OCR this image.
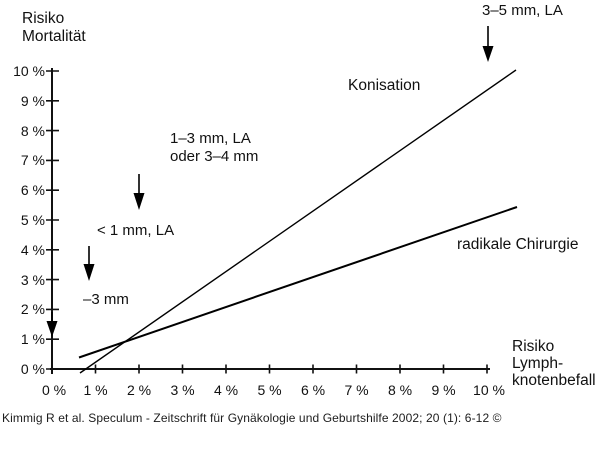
Risiko
Mortalität
10 %
9 %
8 %
7 %
6 %
5 %
4 %
3 %
2 %
1 %
0 %
0 % 1 % 2 % 3 % 4 % 5 % 6 % 7 % 8 % 9 % 10 %
Risiko
Lymph-
knotenbefall
Konisation
radikale Chirurgie
3–5 mm, LA
1–3 mm, LA
oder 3–4 mm
< 1 mm, LA
–3 mm
Kimmig R et al. Speculum - Zeitschrift für Gynäkologie und Geburtshilfe 2002; 20 (1): 6-12 ©
